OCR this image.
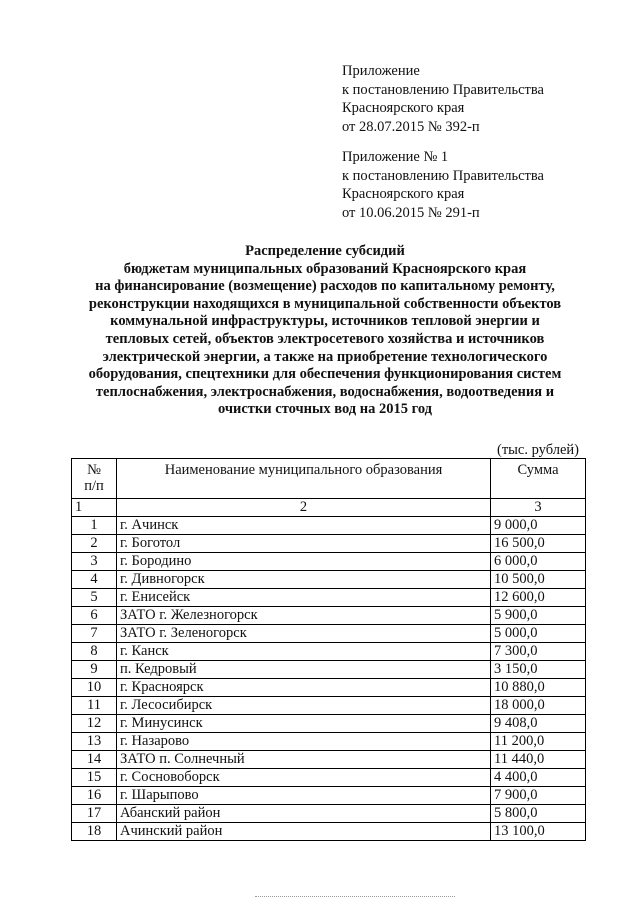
Приложение
к постановлению Правительства
Красноярского края
от 28.07.2015 № 392-п
Приложение № 1
к постановлению Правительства
Красноярского края
от 10.06.2015 № 291-п
Распределение субсидий
бюджетам муниципальных образований Красноярского края
на финансирование (возмещение) расходов по капитальному ремонту,
реконструкции находящихся в муниципальной собственности объектов
коммунальной инфраструктуры, источников тепловой энергии и
тепловых сетей, объектов электросетевого хозяйства и источников
электрической энергии, а также на приобретение технологического
оборудования, спецтехники для обеспечения функционирования систем
теплоснабжения, электроснабжения, водоснабжения, водоотведения и
очистки сточных вод на 2015 год
(тыс. рублей)
№
п/п	Наименование муниципального образования	Сумма
1	2	3
1	г. Ачинск	9 000,0
2	г. Боготол	16 500,0
3	г. Бородино	6 000,0
4	г. Дивногорск	10 500,0
5	г. Енисейск	12 600,0
6	ЗАТО г. Железногорск	5 900,0
7	ЗАТО г. Зеленогорск	5 000,0
8	г. Канск	7 300,0
9	п. Кедровый	3 150,0
10	г. Красноярск	10 880,0
11	г. Лесосибирск	18 000,0
12	г. Минусинск	9 408,0
13	г. Назарово	11 200,0
14	ЗАТО п. Солнечный	11 440,0
15	г. Сосновоборск	4 400,0
16	г. Шарыпово	7 900,0
17	Абанский район	5 800,0
18	Ачинский район	13 100,0
